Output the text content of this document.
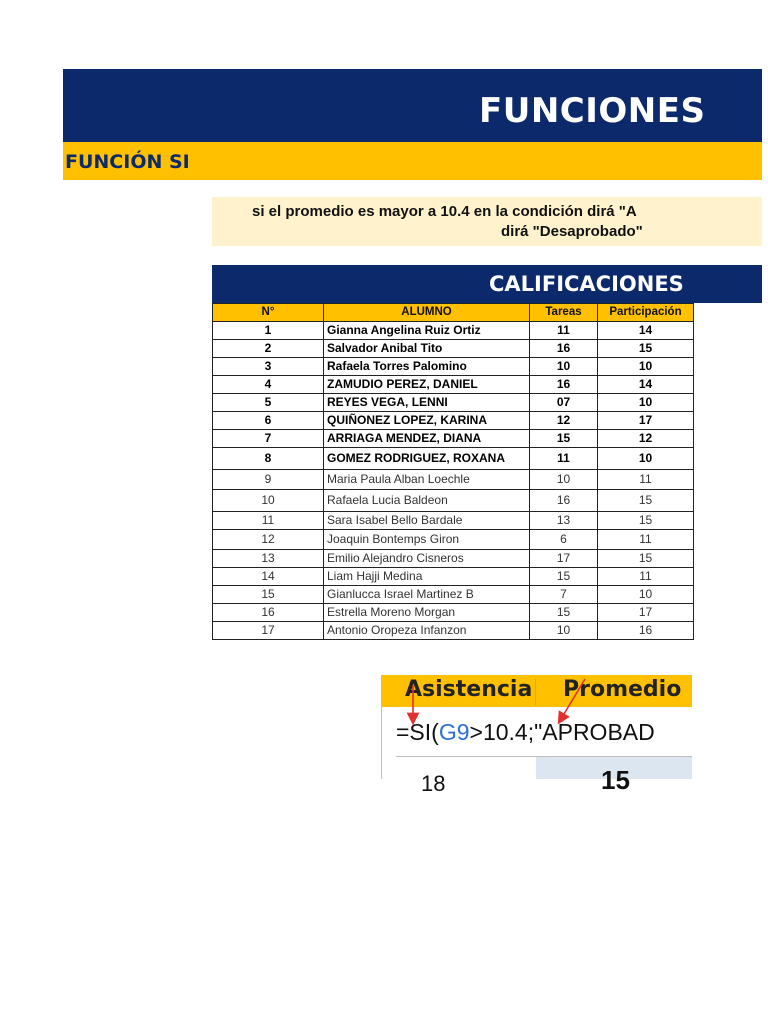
FUNCIONES
FUNCIÓN SI
si el promedio es mayor a 10.4 en la condición dirá "A
dirá "Desaprobado"
CALIFICACIONES
N°	ALUMNO	Tareas	Participación
1	Gianna Angelina Ruiz Ortiz	11	14
2	Salvador Anibal Tito	16	15
3	Rafaela Torres Palomino	10	10
4	ZAMUDIO PEREZ, DANIEL	16	14
5	REYES VEGA, LENNI	07	10
6	QUIÑONEZ LOPEZ, KARINA	12	17
7	ARRIAGA MENDEZ, DIANA	15	12
8	GOMEZ RODRIGUEZ, ROXANA	11	10
9	Maria Paula Alban Loechle	10	11
10	Rafaela Lucia Baldeon	16	15
11	Sara Isabel Bello Bardale	13	15
12	Joaquin Bontemps Giron	6	11
13	Emilio Alejandro Cisneros	17	15
14	Liam Hajji Medina	15	11
15	Gianlucca Israel Martinez B	7	10
16	Estrella Moreno Morgan	15	17
17	Antonio Oropeza Infanzon	10	16
Asistencia Promedio
=SI(G9>10.4;"APROBAD
18	15
